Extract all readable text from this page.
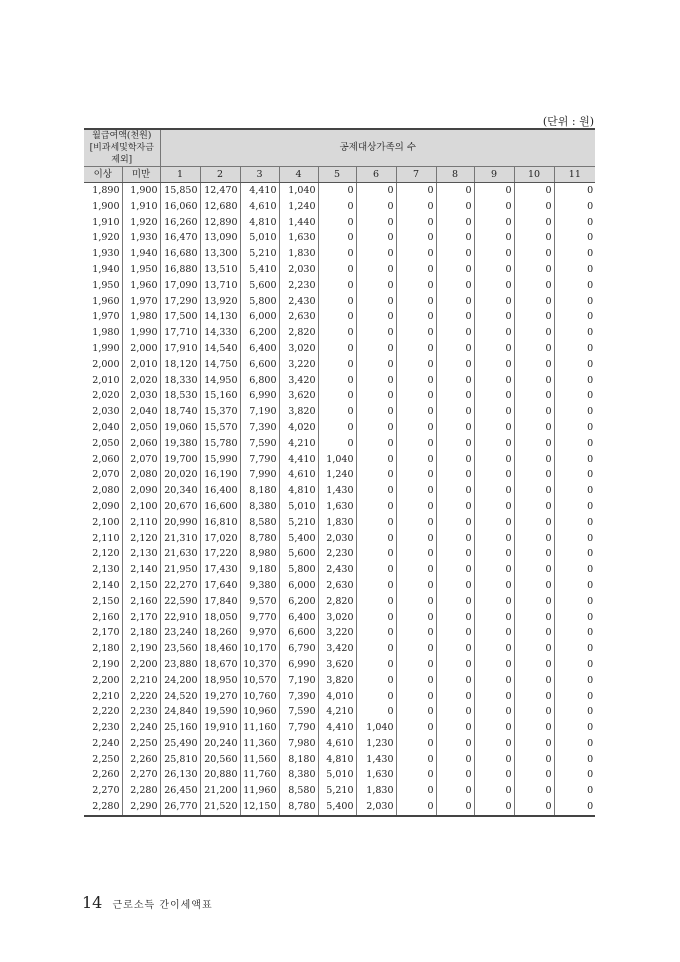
(단위 : 원)
월급여액(천원)
[비과세및학자금제외]		공제대상가족의 수										
이상	미만	1	2	3	4	5	6	7	8	9	10	11
1,890	1,900	15,850	12,470	4,410	1,040	0	0	0	0	0	0	0
1,900	1,910	16,060	12,680	4,610	1,240	0	0	0	0	0	0	0
1,910	1,920	16,260	12,890	4,810	1,440	0	0	0	0	0	0	0
1,920	1,930	16,470	13,090	5,010	1,630	0	0	0	0	0	0	0
1,930	1,940	16,680	13,300	5,210	1,830	0	0	0	0	0	0	0
1,940	1,950	16,880	13,510	5,410	2,030	0	0	0	0	0	0	0
1,950	1,960	17,090	13,710	5,600	2,230	0	0	0	0	0	0	0
1,960	1,970	17,290	13,920	5,800	2,430	0	0	0	0	0	0	0
1,970	1,980	17,500	14,130	6,000	2,630	0	0	0	0	0	0	0
1,980	1,990	17,710	14,330	6,200	2,820	0	0	0	0	0	0	0
1,990	2,000	17,910	14,540	6,400	3,020	0	0	0	0	0	0	0
2,000	2,010	18,120	14,750	6,600	3,220	0	0	0	0	0	0	0
2,010	2,020	18,330	14,950	6,800	3,420	0	0	0	0	0	0	0
2,020	2,030	18,530	15,160	6,990	3,620	0	0	0	0	0	0	0
2,030	2,040	18,740	15,370	7,190	3,820	0	0	0	0	0	0	0
2,040	2,050	19,060	15,570	7,390	4,020	0	0	0	0	0	0	0
2,050	2,060	19,380	15,780	7,590	4,210	0	0	0	0	0	0	0
2,060	2,070	19,700	15,990	7,790	4,410	1,040	0	0	0	0	0	0
2,070	2,080	20,020	16,190	7,990	4,610	1,240	0	0	0	0	0	0
2,080	2,090	20,340	16,400	8,180	4,810	1,430	0	0	0	0	0	0
2,090	2,100	20,670	16,600	8,380	5,010	1,630	0	0	0	0	0	0
2,100	2,110	20,990	16,810	8,580	5,210	1,830	0	0	0	0	0	0
2,110	2,120	21,310	17,020	8,780	5,400	2,030	0	0	0	0	0	0
2,120	2,130	21,630	17,220	8,980	5,600	2,230	0	0	0	0	0	0
2,130	2,140	21,950	17,430	9,180	5,800	2,430	0	0	0	0	0	0
2,140	2,150	22,270	17,640	9,380	6,000	2,630	0	0	0	0	0	0
2,150	2,160	22,590	17,840	9,570	6,200	2,820	0	0	0	0	0	0
2,160	2,170	22,910	18,050	9,770	6,400	3,020	0	0	0	0	0	0
2,170	2,180	23,240	18,260	9,970	6,600	3,220	0	0	0	0	0	0
2,180	2,190	23,560	18,460	10,170	6,790	3,420	0	0	0	0	0	0
2,190	2,200	23,880	18,670	10,370	6,990	3,620	0	0	0	0	0	0
2,200	2,210	24,200	18,950	10,570	7,190	3,820	0	0	0	0	0	0
2,210	2,220	24,520	19,270	10,760	7,390	4,010	0	0	0	0	0	0
2,220	2,230	24,840	19,590	10,960	7,590	4,210	0	0	0	0	0	0
2,230	2,240	25,160	19,910	11,160	7,790	4,410	1,040	0	0	0	0	0
2,240	2,250	25,490	20,240	11,360	7,980	4,610	1,230	0	0	0	0	0
2,250	2,260	25,810	20,560	11,560	8,180	4,810	1,430	0	0	0	0	0
2,260	2,270	26,130	20,880	11,760	8,380	5,010	1,630	0	0	0	0	0
2,270	2,280	26,450	21,200	11,960	8,580	5,210	1,830	0	0	0	0	0
2,280	2,290	26,770	21,520	12,150	8,780	5,400	2,030	0	0	0	0	0
14 근로소득 간이세액표
